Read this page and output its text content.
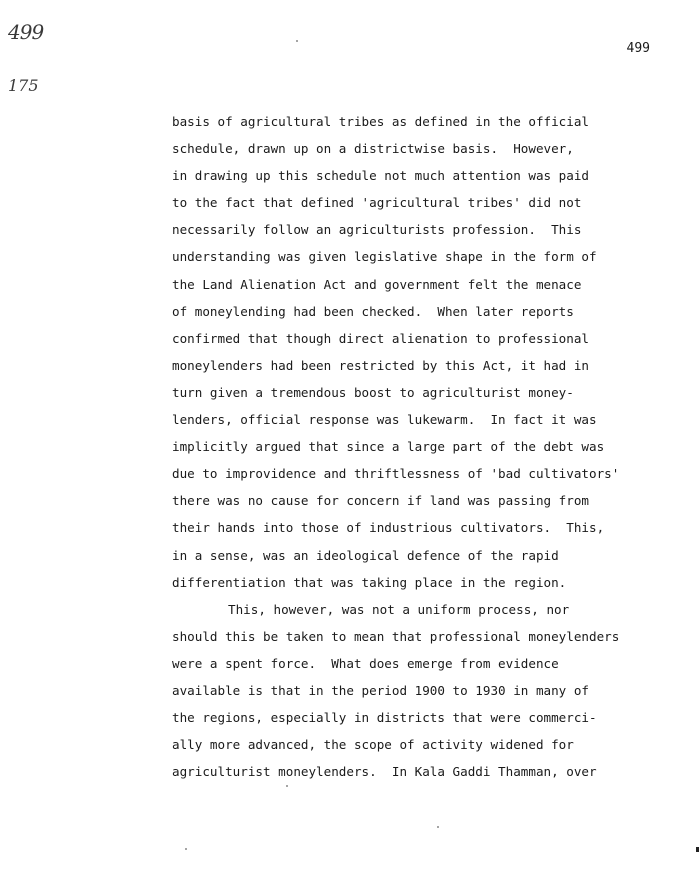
499
175
499
basis of agricultural tribes as defined in the official
schedule, drawn up on a districtwise basis.  However,
in drawing up this schedule not much attention was paid
to the fact that defined 'agricultural tribes' did not
necessarily follow an agriculturists profession.  This
understanding was given legislative shape in the form of
the Land Alienation Act and government felt the menace
of moneylending had been checked.  When later reports
confirmed that though direct alienation to professional
moneylenders had been restricted by this Act, it had in
turn given a tremendous boost to agriculturist money-
lenders, official response was lukewarm.  In fact it was
implicitly argued that since a large part of the debt was
due to improvidence and thriftlessness of 'bad cultivators'
there was no cause for concern if land was passing from
their hands into those of industrious cultivators.  This,
in a sense, was an ideological defence of the rapid
differentiation that was taking place in the region.
This, however, was not a uniform process, nor
should this be taken to mean that professional moneylenders
were a spent force.  What does emerge from evidence
available is that in the period 1900 to 1930 in many of
the regions, especially in districts that were commerci-
ally more advanced, the scope of activity widened for
agriculturist moneylenders.  In Kala Gaddi Thamman, over
